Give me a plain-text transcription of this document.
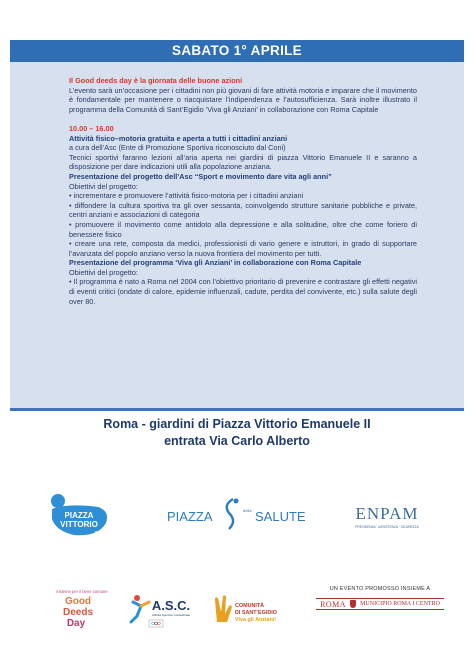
SABATO 1° APRILE

Il Good deeds day è la giornata delle buone azioni

L’evento sarà un’occasione per i cittadini non più giovani di fare attività motoria e imparare che il movimento è fondamentale per mantenere o riacquistare l’indipendenza e l’autosufficienza. Sarà inoltre illustrato il programma della Comunità di Sant’Egidio ‘Viva gli Anziani’ in collaborazione con Roma Capitale

10.00 – 16.00

Attività fisico–motoria gratuita e aperta a tutti i cittadini anziani

a cura dell’Asc (Ente di Promozione Sportiva riconosciuto dal Coni)

Tecnici sportivi faranno lezioni all’aria aperta nei giardini di piazza Vittorio Emanuele II e saranno a disposizione per dare indicazioni utili alla popolazione anziana.

Presentazione del progetto dell’Asc “Sport e movimento dare vita agli anni”

Obiettivi del progetto:

• incrementare e promuovere l’attività fisico-motoria per i cittadini anziani

• diffondere la cultura sportiva tra gli over sessanta, coinvolgendo strutture sanitarie pubbliche e private, centri anziani e associazioni di categoria

• promuovere il movimento come antidoto alla depressione e alla solitudine, oltre che come foriero di benessere fisico

• creare una rete, composta da medici, professionisti di vario genere e istruttori, in grado di supportare l’avanzata del popolo anziano verso la nuova frontiera del movimento per tutti.

Presentazione del programma ‘Viva gli Anziani’ in collaborazione con Roma Capitale

Obiettivi del progetto:

• Il programma è nato a Roma nel 2004 con l’obiettivo prioritario di prevenire e contrastare gli effetti negativi di eventi critici (ondate di calore, epidemie influenzali, cadute, perdita del convivente, etc.) sulla salute degli over 80.

Roma - giardini di Piazza Vittorio Emanuele II
entrata Via Carlo Alberto
PIAZZA
VITTORIO
aps
PIAZZA	della SALUTE	ENPAM
PREVIDENZA · ASSISTENZA · SICUREZZA
insieme per il bene comune
Good
Deeds
Day
A.S.C.
Attività Sportive Confederate
COMUNITÀ
DI SANT’EGIDIO
Viva gli Anziani!
UN EVENTO PROMOSSO INSIEME A
ROMA MUNICIPIO ROMA I CENTRO
